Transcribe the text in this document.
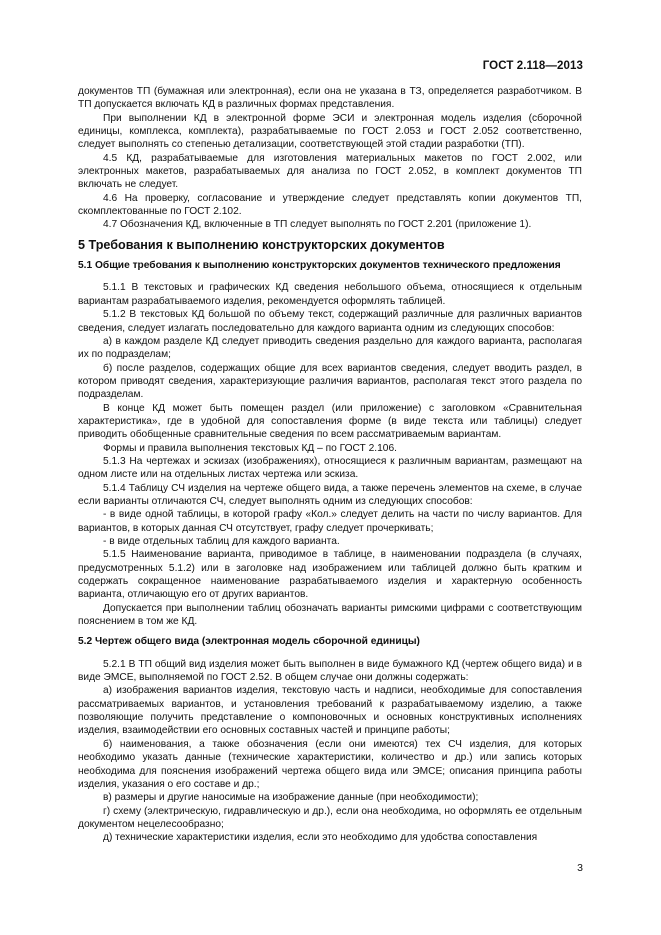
ГОСТ 2.118—2013

документов ТП (бумажная или электронная), если она не указана в ТЗ, определяется разработчиком. В ТП допускается включать КД в различных формах представления.

При выполнении КД в электронной форме ЭСИ и электронная модель изделия (сборочной единицы, комплекса, комплекта), разрабатываемые по ГОСТ 2.053 и ГОСТ 2.052 соответственно, следует выполнять со степенью детализации, соответствующей этой стадии разработки (ТП).

4.5 КД, разрабатываемые для изготовления материальных макетов по ГОСТ 2.002, или электронных макетов, разрабатываемых для анализа по ГОСТ 2.052, в комплект документов ТП включать не следует.

4.6 На проверку, согласование и утверждение следует представлять копии документов ТП, скомплектованные по ГОСТ 2.102.

4.7 Обозначения КД, включенные в ТП следует выполнять по ГОСТ 2.201 (приложение 1).

5 Требования к выполнению конструкторских документов

5.1 Общие требования к выполнению конструкторских документов технического предложения

5.1.1 В текстовых и графических КД сведения небольшого объема, относящиеся к отдельным вариантам разрабатываемого изделия, рекомендуется оформлять таблицей.

5.1.2 В текстовых КД большой по объему текст, содержащий различные для различных вариантов сведения, следует излагать последовательно для каждого варианта одним из следующих способов:

а) в каждом разделе КД следует приводить сведения раздельно для каждого варианта, располагая их по подразделам;

б) после разделов, содержащих общие для всех вариантов сведения, следует вводить раздел, в котором приводят сведения, характеризующие различия вариантов, располагая текст этого раздела по подразделам.

В конце КД может быть помещен раздел (или приложение) с заголовком «Сравнительная характеристика», где в удобной для сопоставления форме (в виде текста или таблицы) следует приводить обобщенные сравнительные сведения по всем рассматриваемым вариантам.

Формы и правила выполнения текстовых КД – по ГОСТ 2.106.

5.1.3 На чертежах и эскизах (изображениях), относящиеся к различным вариантам, размещают на одном листе или на отдельных листах чертежа или эскиза.

5.1.4 Таблицу СЧ изделия на чертеже общего вида, а также перечень элементов на схеме, в случае если варианты отличаются СЧ, следует выполнять одним из следующих способов:

- в виде одной таблицы, в которой графу «Кол.» следует делить на части по числу вариантов. Для вариантов, в которых данная СЧ отсутствует, графу следует прочеркивать;

- в виде отдельных таблиц для каждого варианта.

5.1.5 Наименование варианта, приводимое в таблице, в наименовании подраздела (в случаях, предусмотренных 5.1.2) или в заголовке над изображением или таблицей должно быть кратким и содержать сокращенное наименование разрабатываемого изделия и характерную особенность варианта, отличающую его от других вариантов.

Допускается при выполнении таблиц обозначать варианты римскими цифрами с соответствующим пояснением в том же КД.

5.2 Чертеж общего вида (электронная модель сборочной единицы)

5.2.1 В ТП общий вид изделия может быть выполнен в виде бумажного КД (чертеж общего вида) и в виде ЭМСЕ, выполняемой по ГОСТ 2.52. В общем случае они должны содержать:

а) изображения вариантов изделия, текстовую часть и надписи, необходимые для сопоставления рассматриваемых вариантов, и установления требований к разрабатываемому изделию, а также позволяющие получить представление о компоновочных и основных конструктивных исполнениях изделия, взаимодействии его основных составных частей и принципе работы;

б) наименования, а также обозначения (если они имеются) тех СЧ изделия, для которых необходимо указать данные (технические характеристики, количество и др.) или запись которых необходима для пояснения изображений чертежа общего вида или ЭМСЕ; описания принципа работы изделия, указания о его составе и др.;

в) размеры и другие наносимые на изображение данные (при необходимости);

г) схему (электрическую, гидравлическую и др.), если она необходима, но оформлять ее отдельным документом нецелесообразно;

д) технические характеристики изделия, если это необходимо для удобства сопоставления

3
